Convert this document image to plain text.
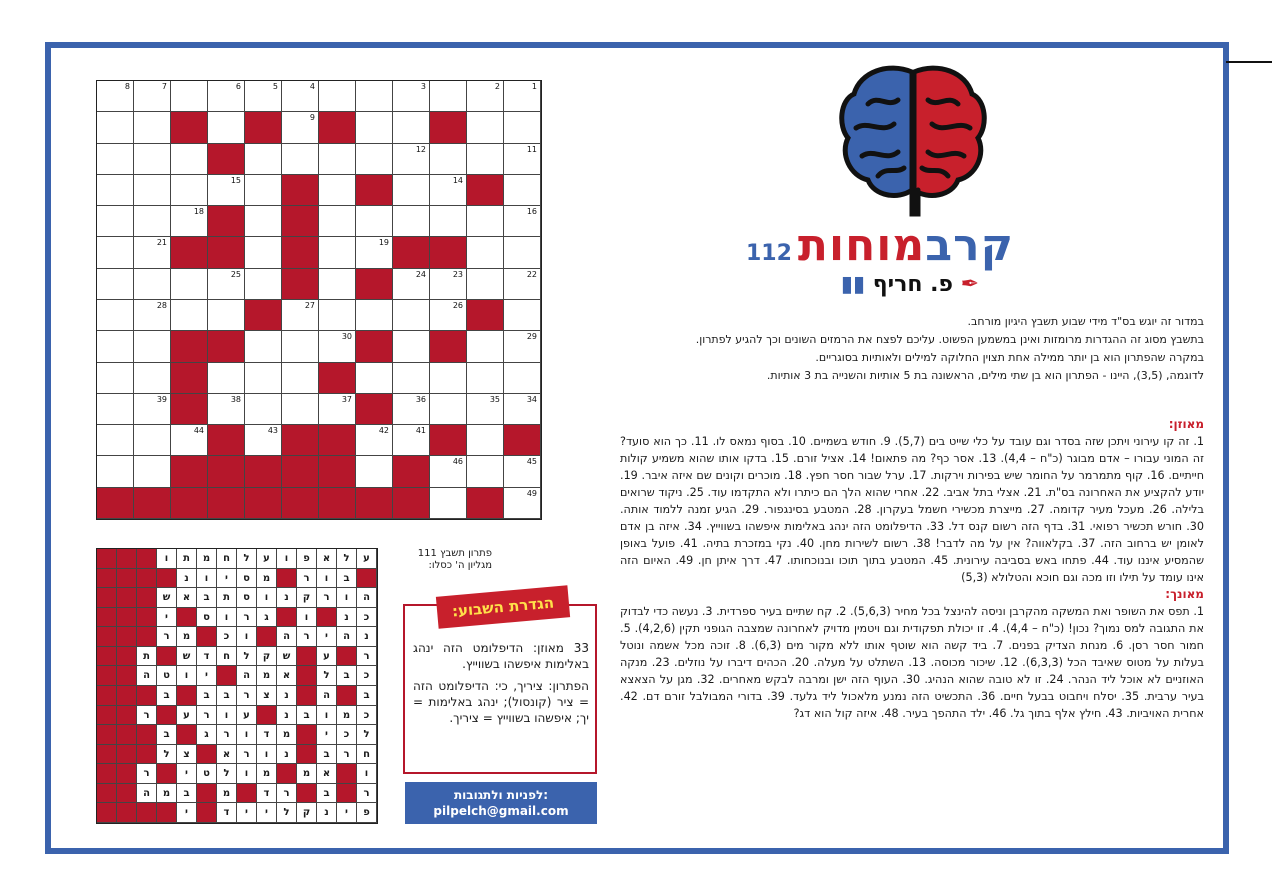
1
2
3
4
5
6
7
8
9
11
12
14
15
16
18
19
21
22
23
24
25
26
27
28
29
30
34
35
36
37
38
39
41
42
43
44
45
46
49
ע
ל
א
פ
ו
ע
ל
ח
מ
ת
ו
ב
ו
ר
מ
ס
י
ו
נ
ה
ו
ר
ק
נ
ו
ס
ת
ב
א
ש
כ
נ
ו
ג
ר
ו
ס
י
נ
ה
י
ר
ה
ו
כ
מ
ר
ר
ע
ש
ק
ל
ח
ד
ש
ת
כ
ב
ל
א
מ
ה
י
ו
ט
ה
ב
ה
נ
צ
ר
ב
ב
ב
כ
מ
ו
ב
נ
ע
ו
ר
ע
ר
ל
כ
י
מ
ד
ו
ר
ג
ב
ח
ר
ב
נ
ו
ר
א
צ
ל
ו
א
מ
מ
ו
ל
ט
י
ר
ר
ב
ר
ד
מ
ב
מ
ה
פ
י
נ
ק
ל
י
י
ד
י
פתרון תשבץ 111
מגליון ה' כסלו:

33 מאוזן: הדיפלומט הזה ינהג באלימות איפשהו בשווייץ.

הפתרון: ציריך, כי: הדיפלומט הזה = ציר (קונסול); ינהג באלימות = יך; איפשהו בשווייץ = ציריך.

הגדרת השבוע:
לפניות ולתגובות:
pilpelch@gmail.com
קרבמוחות112
✒︎ פ. חריף ▮▮

במדור זה יוגש בס"ד מידי שבוע תשבץ היגיון מורחב.

בתשבץ מסוג זה ההגדרות מרומזות ואינן במשמען הפשוט. עליכם לפצח את הרמזים השונים וכך להגיע לפתרון.

במקרה שהפתרון הוא בן יותר ממילה אחת תצוין החלוקה למילים ולאותיות בסוגריים.

לדוגמה, (3,5), היינו - הפתרון הוא בן שתי מילים, הראשונה בת 5 אותיות והשנייה בת 3 אותיות.

מאוזן:

1. זה קו עירוני ויתכן שזה בסדר וגם עובד על כלי שייט בים (5,7). 9. חודש בשמיים. 10. בסוף נמאס לו. 11. כך הוא סועד? זה המוני עבורו – אדם מבוגר (כ"ח – 4,4). 13. אסר כף? מה פתאום! 14. אציל זורם. 15. בדקו אותו שהוא משמיע קולות חייתיים. 16. קוף מתמרמר על החומר שיש בפירות וירקות. 17. ערל שבור חסר חפץ. 18. מוכרים וקונים שם איזה איבר. 19. יודע להקציע את האחרונה בס"ת. 21. אצלי בתל אביב. 22. אחרי שהוא הלך הם כיתרו ולא התקדמו עוד. 25. ניקוד שרואים בלילה. 26. מעכל מעיר קדומה. 27. מייצרת מכשירי חשמל בעקרון. 28. המטבע בסינגפור. 29. הגיע זמנה ללמוד אותה. 30. חורש תכשיר רפואי. 31. בדף הזה רשום קנס דל. 33. הדיפלומט הזה ינהג באלימות איפשהו בשווייץ. 34. איזה בן אדם לאומן יש ברחוב הזה. 37. בקלאווה? אין על מה לדבר! 38. רשום לשירות מחן. 40. נקי במזכרת בתיה. 41. פועל באופן שהמסיע איננו עוד. 44. פתחו באש בסביבה עירונית. 45. המטבע בתוך תוכו ובנוכחותו. 47. דרך איתן חן. 49. האיום הזה אינו עומד על תילו וזו מכה וגם חוכא והטלולא (5,3)

מאונך:

1. תפס את השופר ואת המשקה מהקרבן וניסה להינצל בכל מחיר (5,6,3). 2. קח שתיים בעיר ספרדית. 3. נעשה כדי לבדוק את התגובה למס נמוך? נכון! (כ"ח – 4,4). 4. זו יכולת תפקודית וגם ויטמין מדויק לאחרונה שמצבה הגופני תקין (4,2,6). 5. חמור חסר רסן. 6. מנחת הצדיק בפנים. 7. ביד קשה הוא שוטף אותו ללא מקור מים (6,3). 8. זוכה מכל אשמה ונוטל בעלות על מטוס שאיבד הכל (6,3,3). 12. שיכור מכוסה. 13. השתלט על מעלה. 20. הכהים דיברו על נוזלים. 23. מנקה האוזניים לא אוכל ליד הנהר. 24. זו לא טובה שהוא הנהיג. 30. העוף הזה ישן ומרבה לבקש מאחרים. 32. מגן על הצאצא בעיר ערבית. 35. יסלח ויחבוט בבעל חיים. 36. התכשיט הזה נמנע מלאכול ליד גלעד. 39. בדורי המבולבל זורם דם. 42. אחרית האויביות. 43. חילץ אלף בתוך גל. 46. ילד התהפך בעיר. 48. איזה קול הוא דג?
